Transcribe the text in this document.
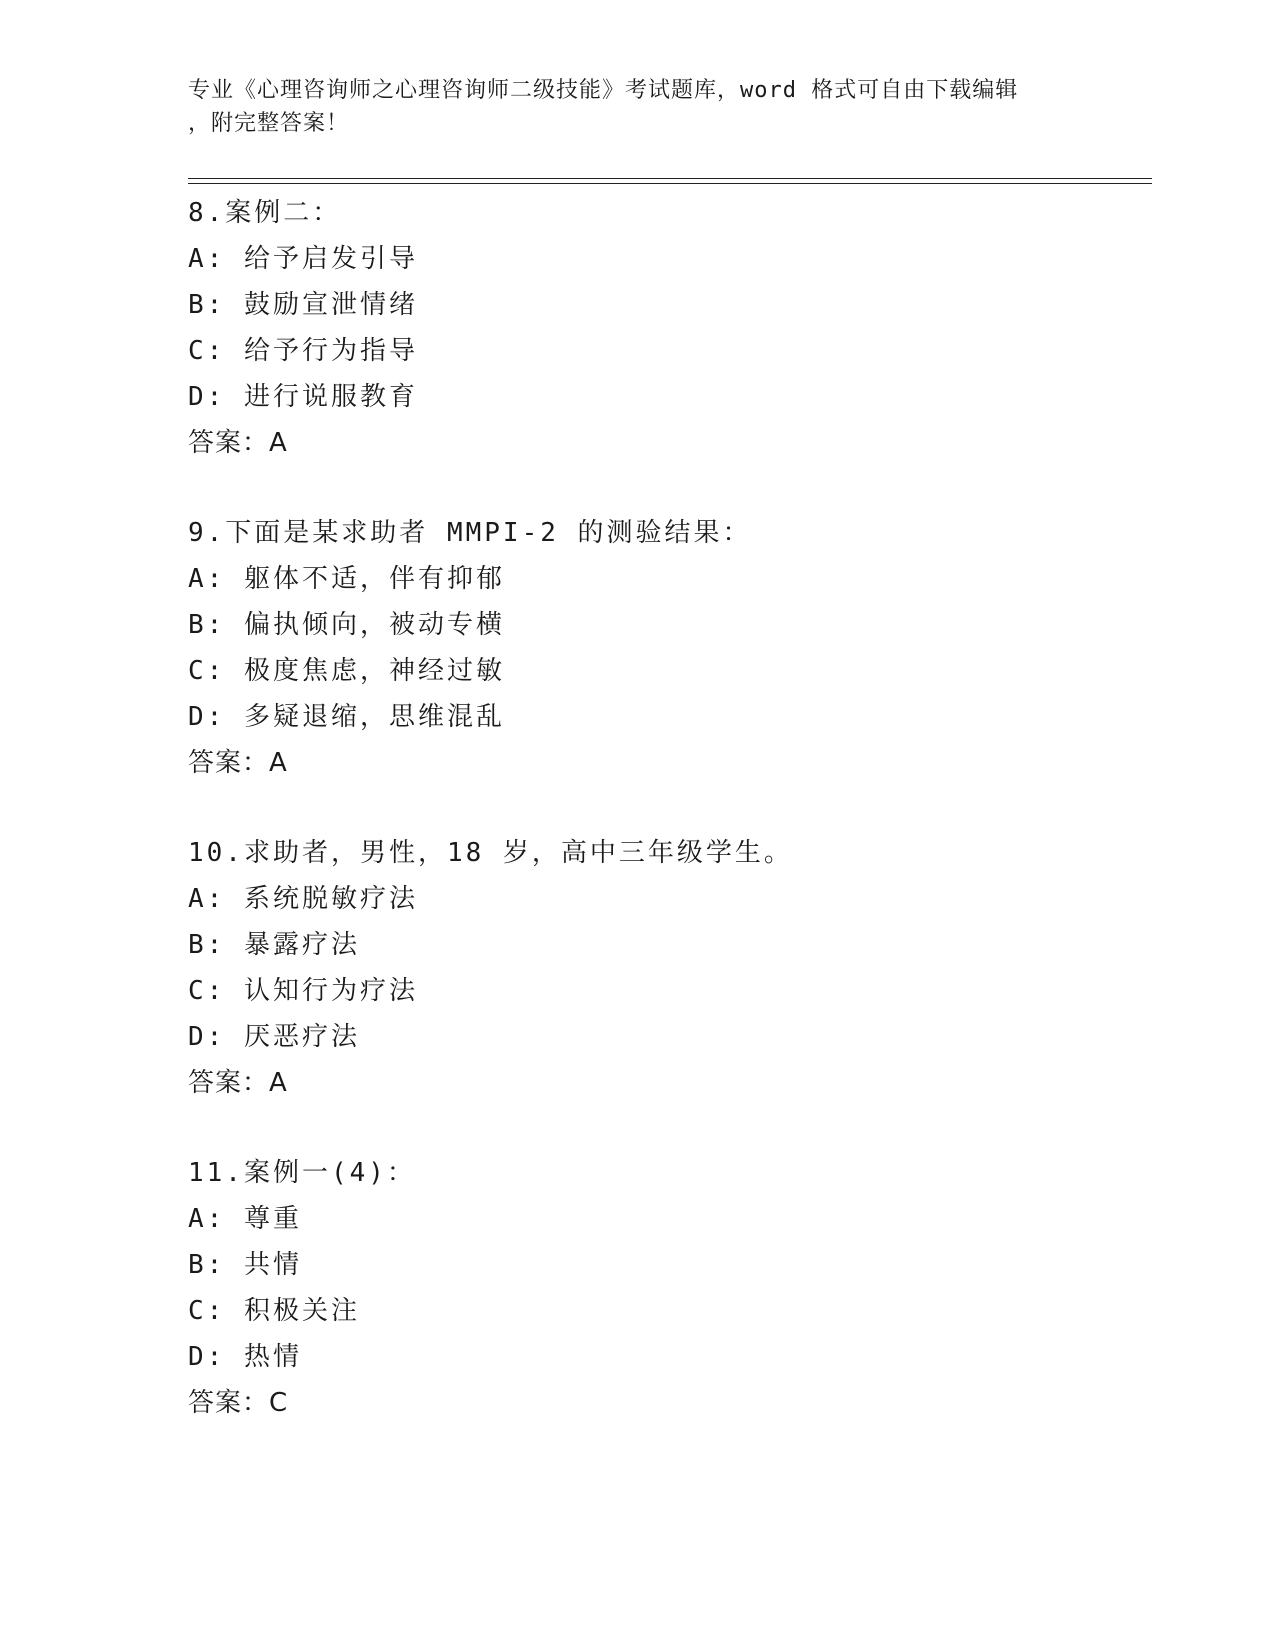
专业《心理咨询师之心理咨询师二级技能》考试题库，word 格式可自由下载编辑
，附完整答案！
8.案例二：
A: 给予启发引导
B: 鼓励宣泄情绪
C: 给予行为指导
D: 进行说服教育
答案：A
9.下面是某求助者 MMPI-2 的测验结果：
A: 躯体不适，伴有抑郁
B: 偏执倾向，被动专横
C: 极度焦虑，神经过敏
D: 多疑退缩，思维混乱
答案：A
10.求助者，男性，18 岁，高中三年级学生。
A: 系统脱敏疗法
B: 暴露疗法
C: 认知行为疗法
D: 厌恶疗法
答案：A
11.案例一(4)：
A: 尊重
B: 共情
C: 积极关注
D: 热情
答案：C
